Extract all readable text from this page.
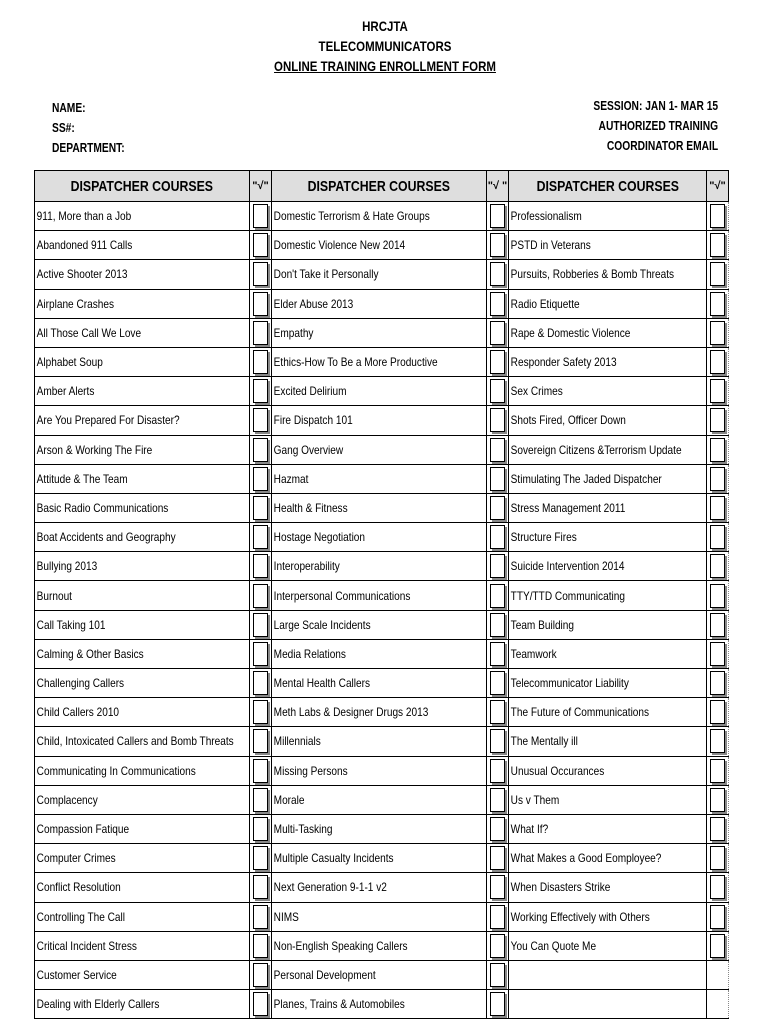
HRCJTA
TELECOMMUNICATORS
ONLINE TRAINING ENROLLMENT FORM
NAME:
SS#:
DEPARTMENT:
SESSION: JAN 1- MAR 15
AUTHORIZED TRAINING
COORDINATOR EMAIL
DISPATCHER COURSES	"√"	DISPATCHER COURSES	"√ "	DISPATCHER COURSES	"√"
911, More than a Job		Domestic Terrorism & Hate Groups		Professionalism	
Abandoned 911 Calls		Domestic Violence New 2014		PSTD in Veterans	
Active Shooter 2013		Don't Take it Personally		Pursuits, Robberies & Bomb Threats	
Airplane Crashes		Elder Abuse 2013		Radio Etiquette	
All Those Call We Love		Empathy		Rape & Domestic Violence	
Alphabet Soup		Ethics-How To Be a More Productive		Responder Safety 2013	
Amber Alerts		Excited Delirium		Sex Crimes	
Are You Prepared For Disaster?		Fire Dispatch 101		Shots Fired, Officer Down	
Arson & Working The Fire		Gang Overview		Sovereign Citizens &Terrorism Update	
Attitude & The Team		Hazmat		Stimulating The Jaded Dispatcher	
Basic Radio Communications		Health & Fitness		Stress Management 2011	
Boat Accidents and Geography		Hostage Negotiation		Structure Fires	
Bullying 2013		Interoperability		Suicide Intervention 2014	
Burnout		Interpersonal Communications		TTY/TTD Communicating	
Call Taking 101		Large Scale Incidents		Team Building	
Calming & Other Basics		Media Relations		Teamwork	
Challenging Callers		Mental Health Callers		Telecommunicator Liability	
Child Callers 2010		Meth Labs & Designer Drugs 2013		The Future of Communications	
Child, Intoxicated Callers and Bomb Threats		Millennials		The Mentally ill	
Communicating In Communications		Missing Persons		Unusual Occurances	
Complacency		Morale		Us v Them	
Compassion Fatique		Multi-Tasking		What If?	
Computer Crimes		Multiple Casualty Incidents		What Makes a Good Eomployee?	
Conflict Resolution		Next Generation 9-1-1 v2		When Disasters Strike	
Controlling The Call		NIMS		Working Effectively with Others	
Critical Incident Stress		Non-English Speaking Callers		You Can Quote Me	
Customer Service		Personal Development			
Dealing with Elderly Callers		Planes, Trains & Automobiles			
